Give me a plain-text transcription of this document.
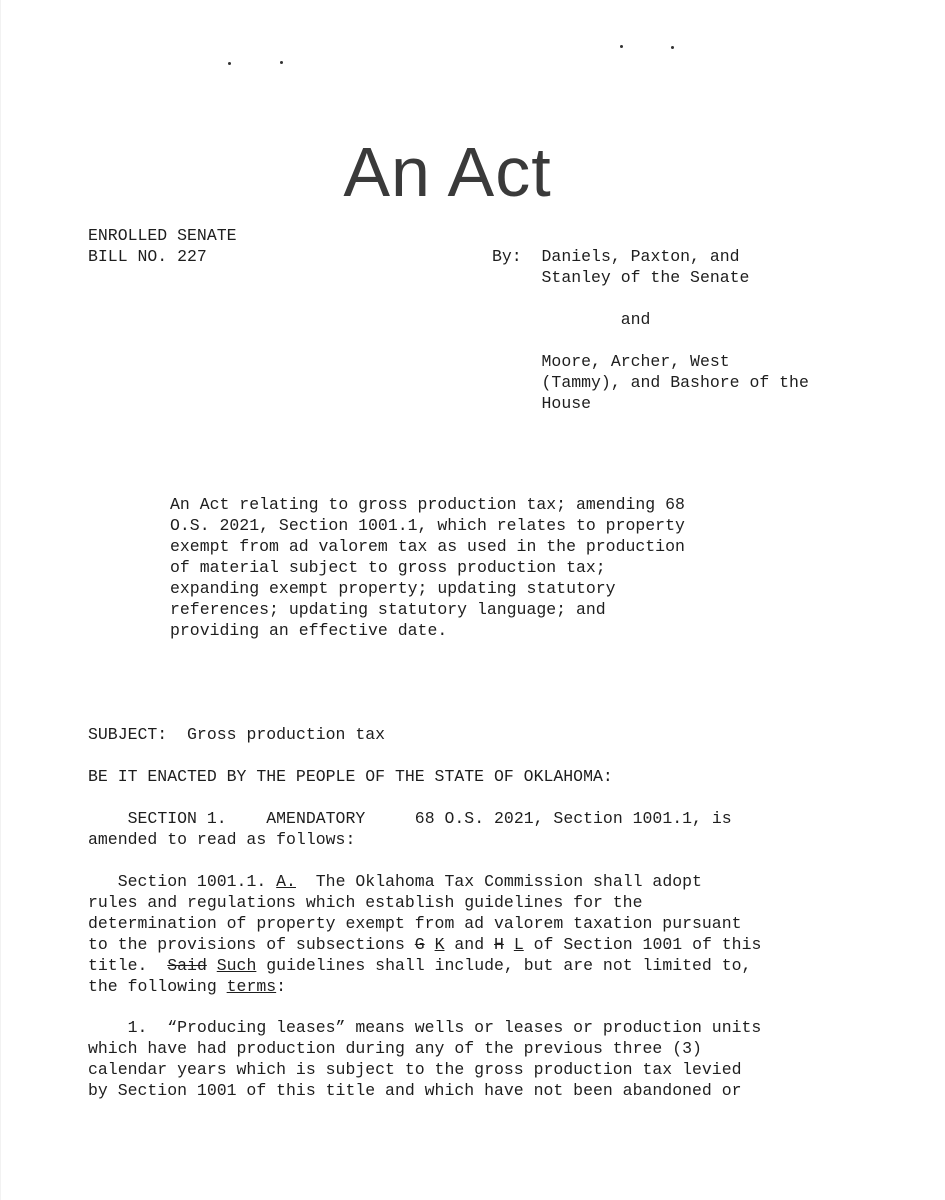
An Act
ENROLLED SENATE
BILL NO. 227	By: Daniels, Paxton, and
Stanley of the Senate

and

Moore, Archer, West
(Tammy), and Bashore of the
House
An Act relating to gross production tax; amending 68
O.S. 2021, Section 1001.1, which relates to property
exempt from ad valorem tax as used in the production
of material subject to gross production tax;
expanding exempt property; updating statutory
references; updating statutory language; and
providing an effective date.
SUBJECT: Gross production tax
BE IT ENACTED BY THE PEOPLE OF THE STATE OF OKLAHOMA:
SECTION 1. AMENDATORY	68 O.S. 2021, Section 1001.1, is
amended to read as follows:
Section 1001.1. A. The Oklahoma Tax Commission shall adopt
rules and regulations which establish guidelines for the
determination of property exempt from ad valorem taxation pursuant
to the provisions of subsections G K and H L of Section 1001 of this
title. Said Such guidelines shall include, but are not limited to,
the following terms:
1.  “Producing leases” means wells or leases or production units
which have had production during any of the previous three (3)
calendar years which is subject to the gross production tax levied
by Section 1001 of this title and which have not been abandoned or
